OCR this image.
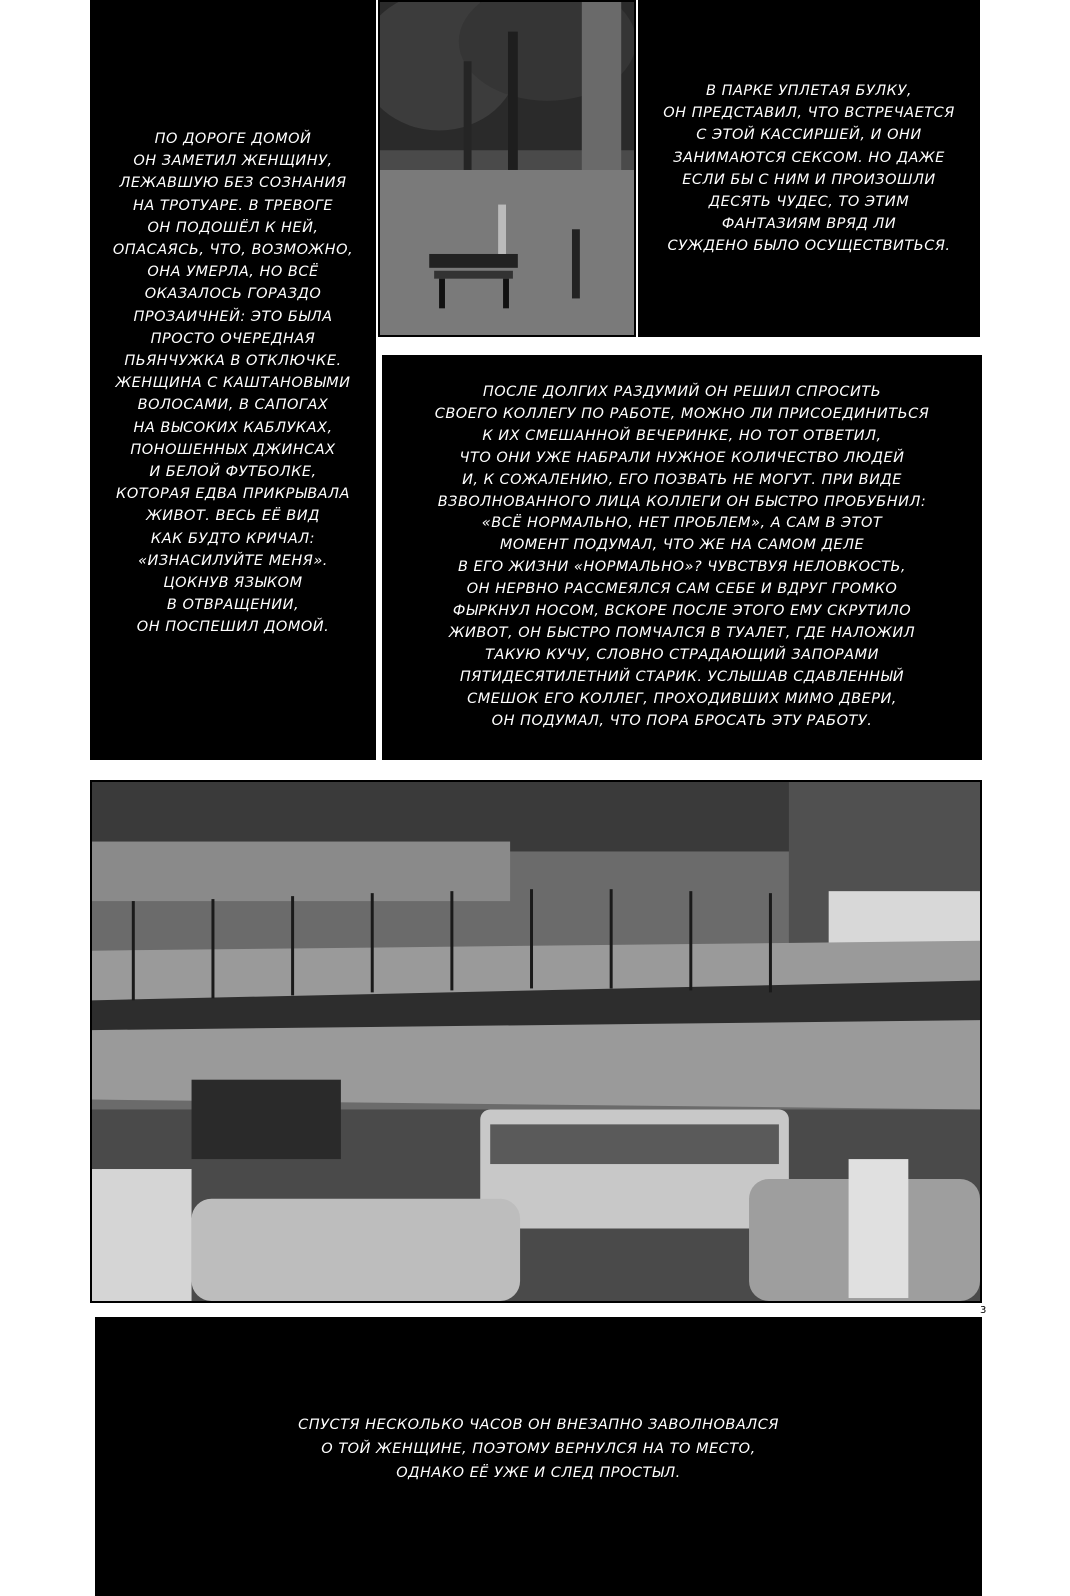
ПО ДОРОГЕ ДОМОЙ
ОН ЗАМЕТИЛ ЖЕНЩИНУ,
ЛЕЖАВШУЮ БЕЗ СОЗНАНИЯ
НА ТРОТУАРЕ. В ТРЕВОГЕ
ОН ПОДОШЁЛ К НЕЙ,
ОПАСАЯСЬ, ЧТО, ВОЗМОЖНО,
ОНА УМЕРЛА, НО ВСЁ
ОКАЗАЛОСЬ ГОРАЗДО
ПРОЗАИЧНЕЙ: ЭТО БЫЛА
ПРОСТО ОЧЕРЕДНАЯ
ПЬЯНЧУЖКА В ОТКЛЮЧКЕ.
ЖЕНЩИНА С КАШТАНОВЫМИ
ВОЛОСАМИ, В САПОГАХ
НА ВЫСОКИХ КАБЛУКАХ,
ПОНОШЕННЫХ ДЖИНСАХ
И БЕЛОЙ ФУТБОЛКЕ,
КОТОРАЯ ЕДВА ПРИКРЫВАЛА
ЖИВОТ. ВЕСЬ ЕЁ ВИД
КАК БУДТО КРИЧАЛ:
«ИЗНАСИЛУЙТЕ МЕНЯ».
ЦОКНУВ ЯЗЫКОМ
В ОТВРАЩЕНИИ,
ОН ПОСПЕШИЛ ДОМОЙ.
В ПАРКЕ УПЛЕТАЯ БУЛКУ,
ОН ПРЕДСТАВИЛ, ЧТО ВСТРЕЧАЕТСЯ
С ЭТОЙ КАССИРШЕЙ, И ОНИ
ЗАНИМАЮТСЯ СЕКСОМ. НО ДАЖЕ
ЕСЛИ БЫ С НИМ И ПРОИЗОШЛИ
ДЕСЯТЬ ЧУДЕС, ТО ЭТИМ
ФАНТАЗИЯМ ВРЯД ЛИ
СУЖДЕНО БЫЛО ОСУЩЕСТВИТЬСЯ.
ПОСЛЕ ДОЛГИХ РАЗДУМИЙ ОН РЕШИЛ СПРОСИТЬ
СВОЕГО КОЛЛЕГУ ПО РАБОТЕ, МОЖНО ЛИ ПРИСОЕДИНИТЬСЯ
К ИХ СМЕШАННОЙ ВЕЧЕРИНКЕ, НО ТОТ ОТВЕТИЛ,
ЧТО ОНИ УЖЕ НАБРАЛИ НУЖНОЕ КОЛИЧЕСТВО ЛЮДЕЙ
И, К СОЖАЛЕНИЮ, ЕГО ПОЗВАТЬ НЕ МОГУТ. ПРИ ВИДЕ
ВЗВОЛНОВАННОГО ЛИЦА КОЛЛЕГИ ОН БЫСТРО ПРОБУБНИЛ:
«ВСЁ НОРМАЛЬНО, НЕТ ПРОБЛЕМ», А САМ В ЭТОТ
МОМЕНТ ПОДУМАЛ, ЧТО ЖЕ НА САМОМ ДЕЛЕ
В ЕГО ЖИЗНИ «НОРМАЛЬНО»? ЧУВСТВУЯ НЕЛОВКОСТЬ,
ОН НЕРВНО РАССМЕЯЛСЯ САМ СЕБЕ И ВДРУГ ГРОМКО
ФЫРКНУЛ НОСОМ, ВСКОРЕ ПОСЛЕ ЭТОГО ЕМУ СКРУТИЛО
ЖИВОТ, ОН БЫСТРО ПОМЧАЛСЯ В ТУАЛЕТ, ГДЕ НАЛОЖИЛ
ТАКУЮ КУЧУ, СЛОВНО СТРАДАЮЩИЙ ЗАПОРАМИ
ПЯТИДЕСЯТИЛЕТНИЙ СТАРИК. УСЛЫШАВ СДАВЛЕННЫЙ
СМЕШОК ЕГО КОЛЛЕГ, ПРОХОДИВШИХ МИМО ДВЕРИ,
ОН ПОДУМАЛ, ЧТО ПОРА БРОСАТЬ ЭТУ РАБОТУ.
3
СПУСТЯ НЕСКОЛЬКО ЧАСОВ ОН ВНЕЗАПНО ЗАВОЛНОВАЛСЯ
О ТОЙ ЖЕНЩИНЕ, ПОЭТОМУ ВЕРНУЛСЯ НА ТО МЕСТО,
ОДНАКО ЕЁ УЖЕ И СЛЕД ПРОСТЫЛ.
